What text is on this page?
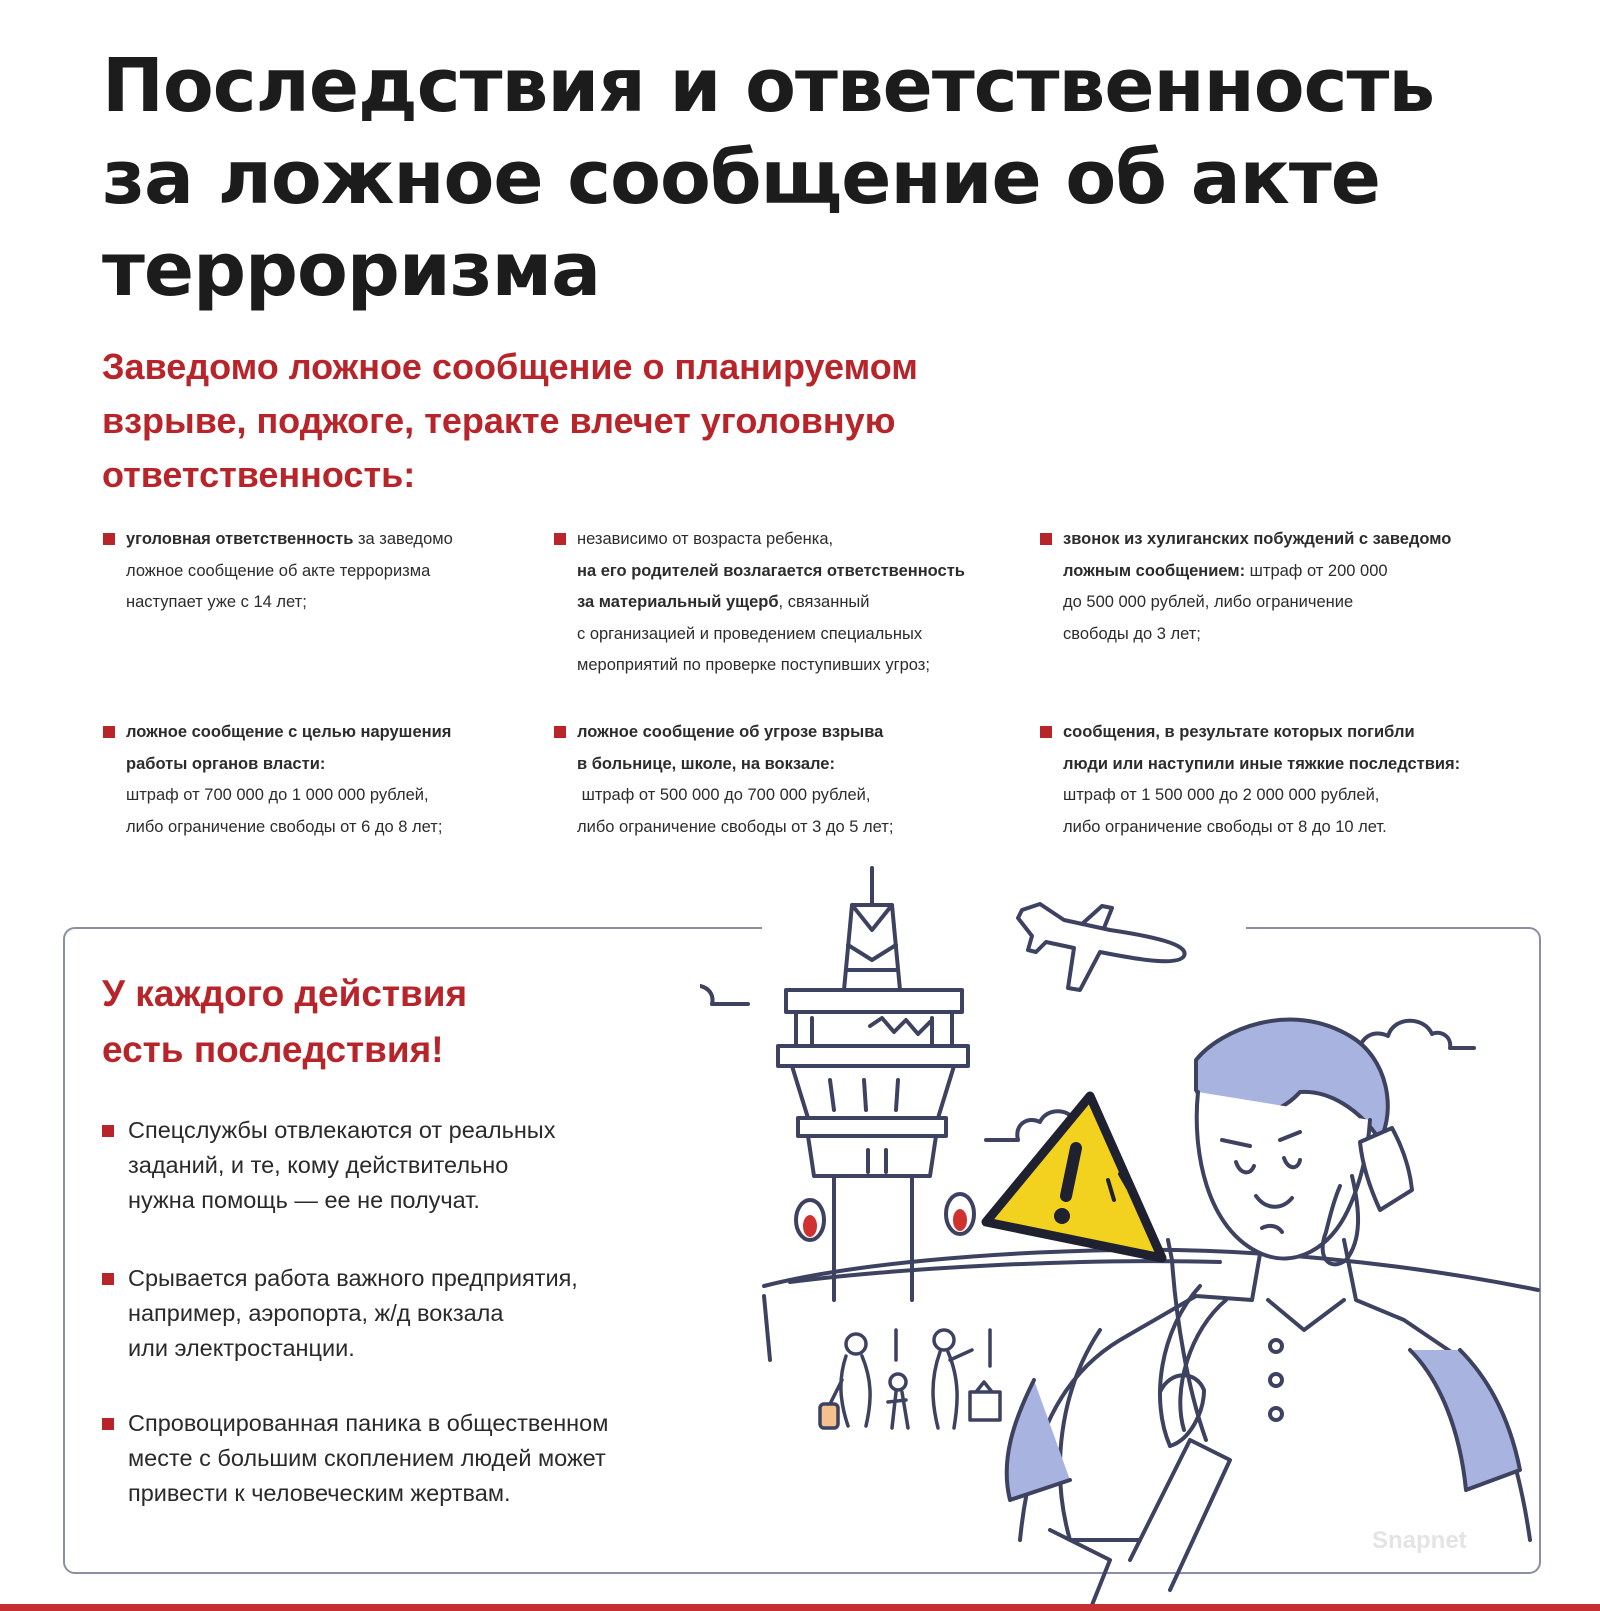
Последствия и ответственность
за ложное сообщение об акте
терроризма
Заведомо ложное сообщение о планируемом
взрыве, поджоге, теракте влечет уголовную
ответственность:
уголовная ответственность за заведомо
ложное сообщение об акте терроризма
наступает уже с 14 лет;
независимо от возраста ребенка,
на его родителей возлагается ответственность
за материальный ущерб, связанный
с организацией и проведением специальных
мероприятий по проверке поступивших угроз;
звонок из хулиганских побуждений с заведомо
ложным сообщением: штраф от 200 000
до 500 000 рублей, либо ограничение
свободы до 3 лет;
ложное сообщение с целью нарушения
работы органов власти:
штраф от 700 000 до 1 000 000 рублей,
либо ограничение свободы от 6 до 8 лет;
ложное сообщение об угрозе взрыва
в больнице, школе, на вокзале:
штраф от 500 000 до 700 000 рублей,
либо ограничение свободы от 3 до 5 лет;
сообщения, в результате которых погибли
люди или наступили иные тяжкие последствия:
штраф от 1 500 000 до 2 000 000 рублей,
либо ограничение свободы от 8 до 10 лет.
У каждого действия
есть последствия!
Спецслужбы отвлекаются от реальных
заданий, и те, кому действительно
нужна помощь — ее не получат.
Срывается работа важного предприятия,
например, аэропорта, ж/д вокзала
или электростанции.
Спровоцированная паника в общественном
месте с большим скоплением людей может
привести к человеческим жертвам.
Snapnet
